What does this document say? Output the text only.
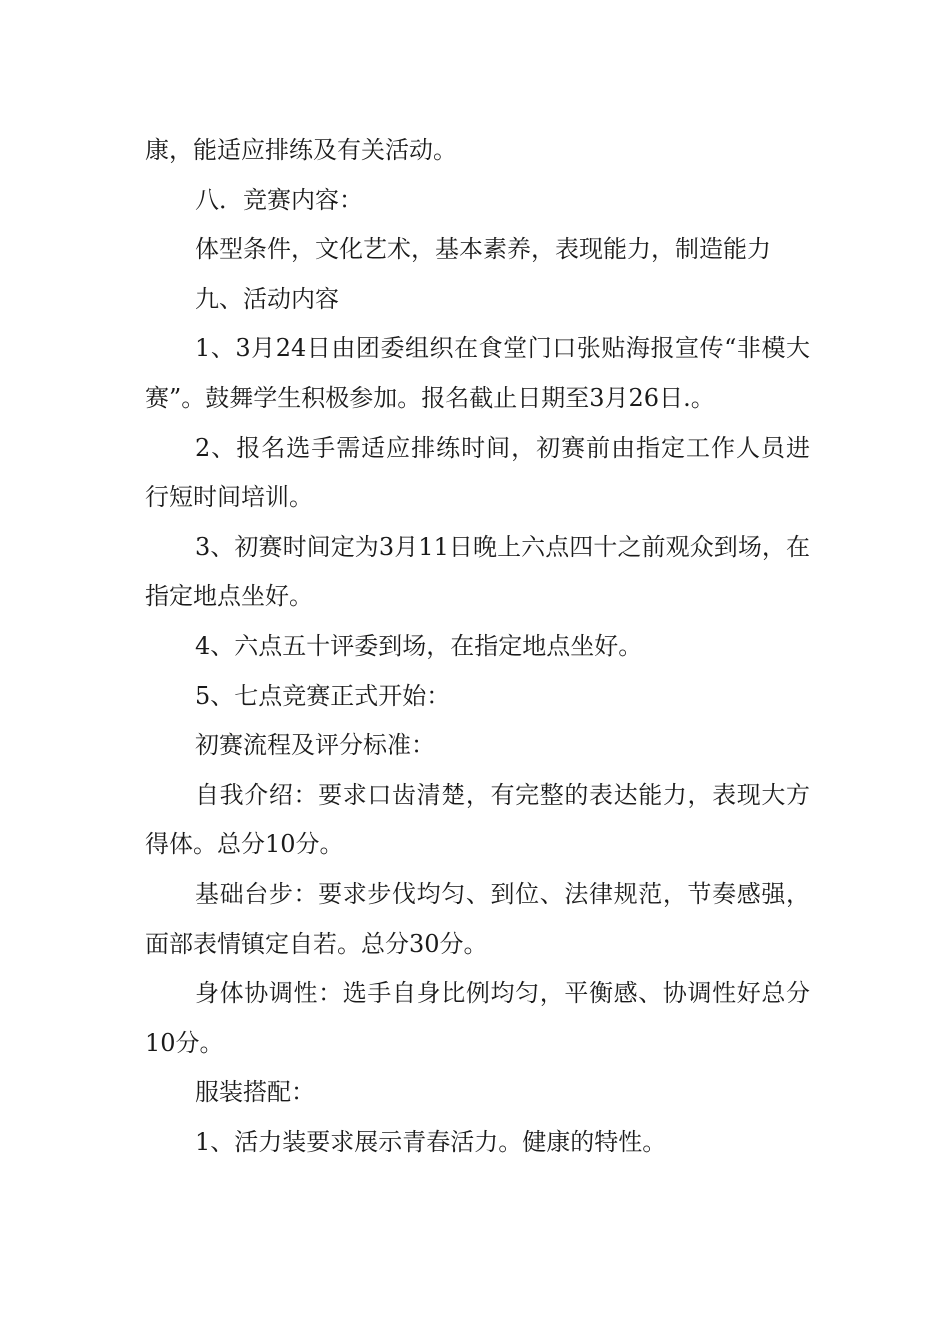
康，能适应排练及有关活动。

八．竞赛内容：

体型条件，文化艺术，基本素养，表现能力，制造能力

九、活动内容

1、3月24日由团委组织在食堂门口张贴海报宣传“非模大赛”。鼓舞学生积极参加。报名截止日期至3月26日.。

2、报名选手需适应排练时间，初赛前由指定工作人员进行短时间培训。

3、初赛时间定为3月11日晚上六点四十之前观众到场，在指定地点坐好。

4、六点五十评委到场，在指定地点坐好。

5、七点竞赛正式开始：

初赛流程及评分标准：

自我介绍：要求口齿清楚，有完整的表达能力，表现大方得体。总分10分。

基础台步：要求步伐均匀、到位、法律规范，节奏感强，面部表情镇定自若。总分30分。

身体协调性：选手自身比例均匀，平衡感、协调性好总分10分。

服装搭配：

1、活力装要求展示青春活力。健康的特性。
